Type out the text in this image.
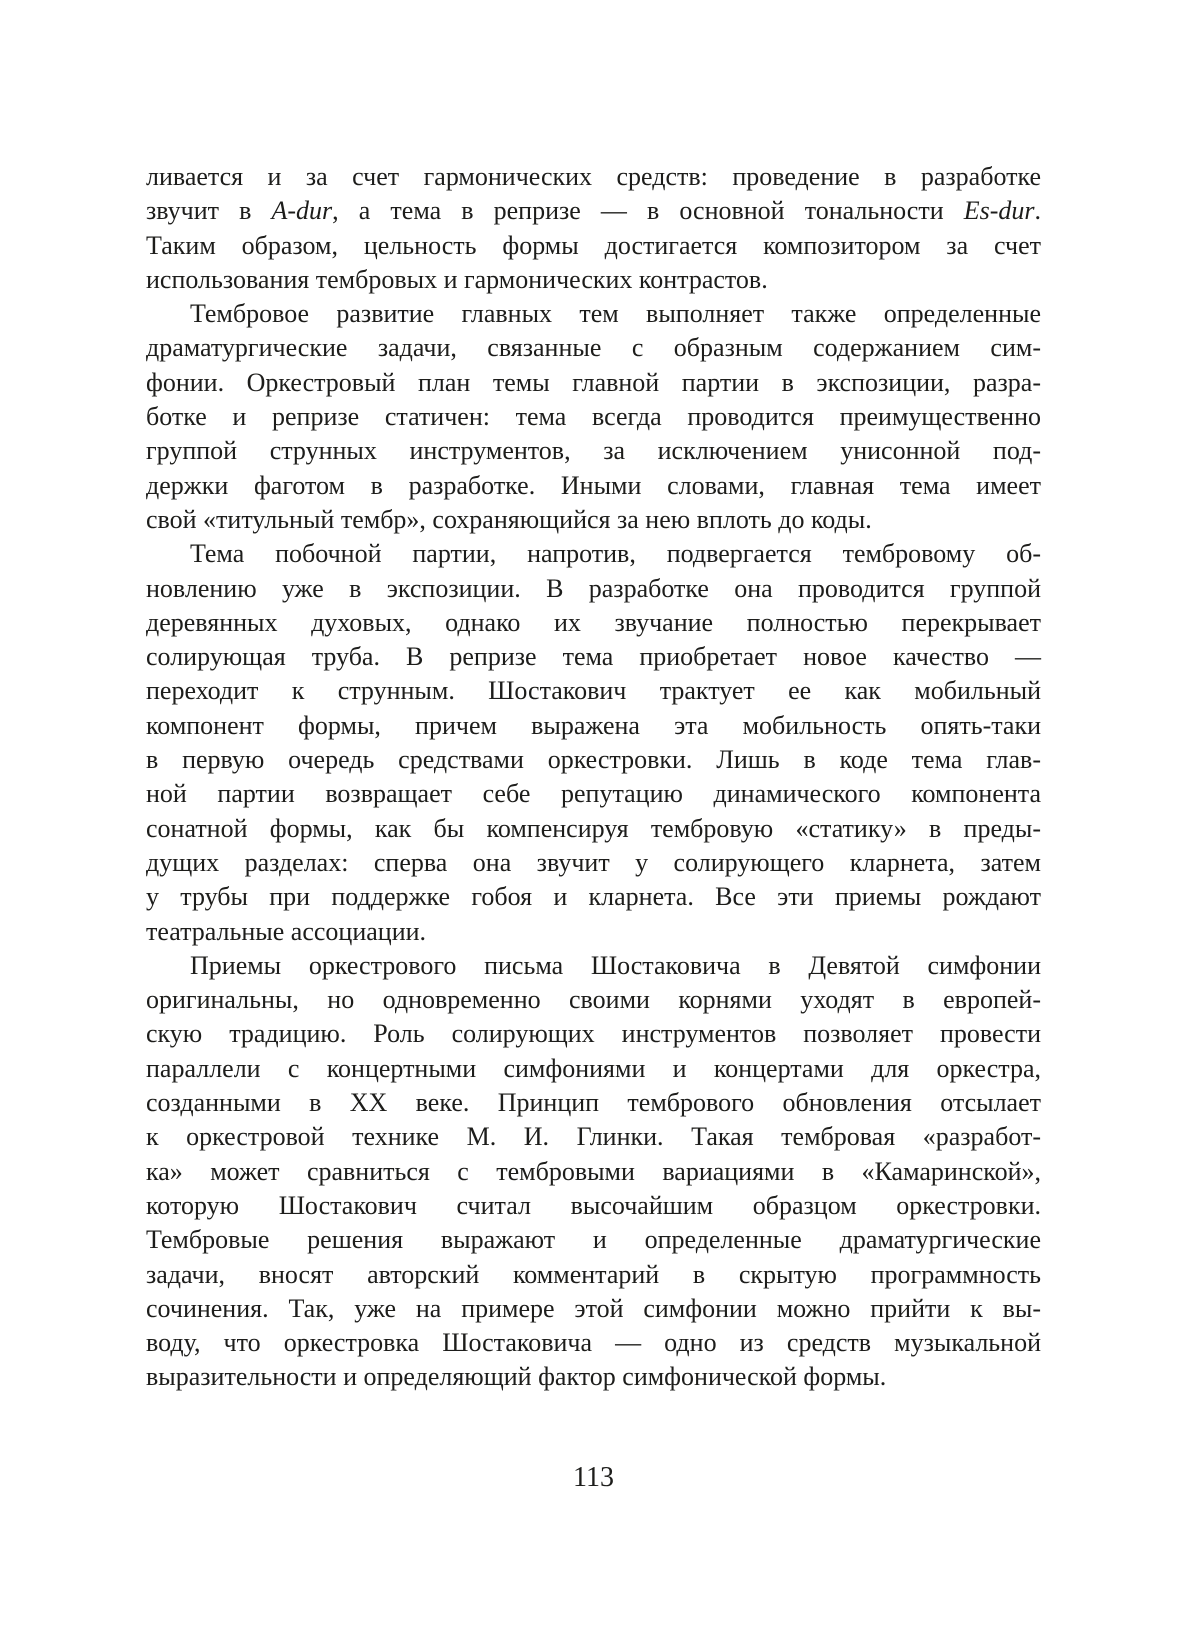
ливается и за счет гармонических средств: проведение в разработке
звучит в A-dur, а тема в репризе — в основной тональности Es-dur.
Таким образом, цельность формы достигается композитором за счет
использования тембровых и гармонических контрастов.
Тембровое развитие главных тем выполняет также определенные
драматургические задачи, связанные с образным содержанием сим-
фонии. Оркестровый план темы главной партии в экспозиции, разра-
ботке и репризе статичен: тема всегда проводится преимущественно
группой струнных инструментов, за исключением унисонной под-
держки фаготом в разработке. Иными словами, главная тема имеет
свой «титульный тембр», сохраняющийся за нею вплоть до коды.
Тема побочной партии, напротив, подвергается тембровому об-
новлению уже в экспозиции. В разработке она проводится группой
деревянных духовых, однако их звучание полностью перекрывает
солирующая труба. В репризе тема приобретает новое качество —
переходит к струнным. Шостакович трактует ее как мобильный
компонент формы, причем выражена эта мобильность опять-таки
в первую очередь средствами оркестровки. Лишь в коде тема глав-
ной партии возвращает себе репутацию динамического компонента
сонатной формы, как бы компенсируя тембровую «статику» в преды-
дущих разделах: сперва она звучит у солирующего кларнета, затем
у трубы при поддержке гобоя и кларнета. Все эти приемы рождают
театральные ассоциации.
Приемы оркестрового письма Шостаковича в Девятой симфонии
оригинальны, но одновременно своими корнями уходят в европей-
скую традицию. Роль солирующих инструментов позволяет провести
параллели с концертными симфониями и концертами для оркестра,
созданными в XX веке. Принцип тембрового обновления отсылает
к оркестровой технике М. И. Глинки. Такая тембровая «разработ-
ка» может сравниться с тембровыми вариациями в «Камаринской»,
которую Шостакович считал высочайшим образцом оркестровки.
Тембровые решения выражают и определенные драматургические
задачи, вносят авторский комментарий в скрытую программность
сочинения. Так, уже на примере этой симфонии можно прийти к вы-
воду, что оркестровка Шостаковича — одно из средств музыкальной
выразительности и определяющий фактор симфонической формы.
113
